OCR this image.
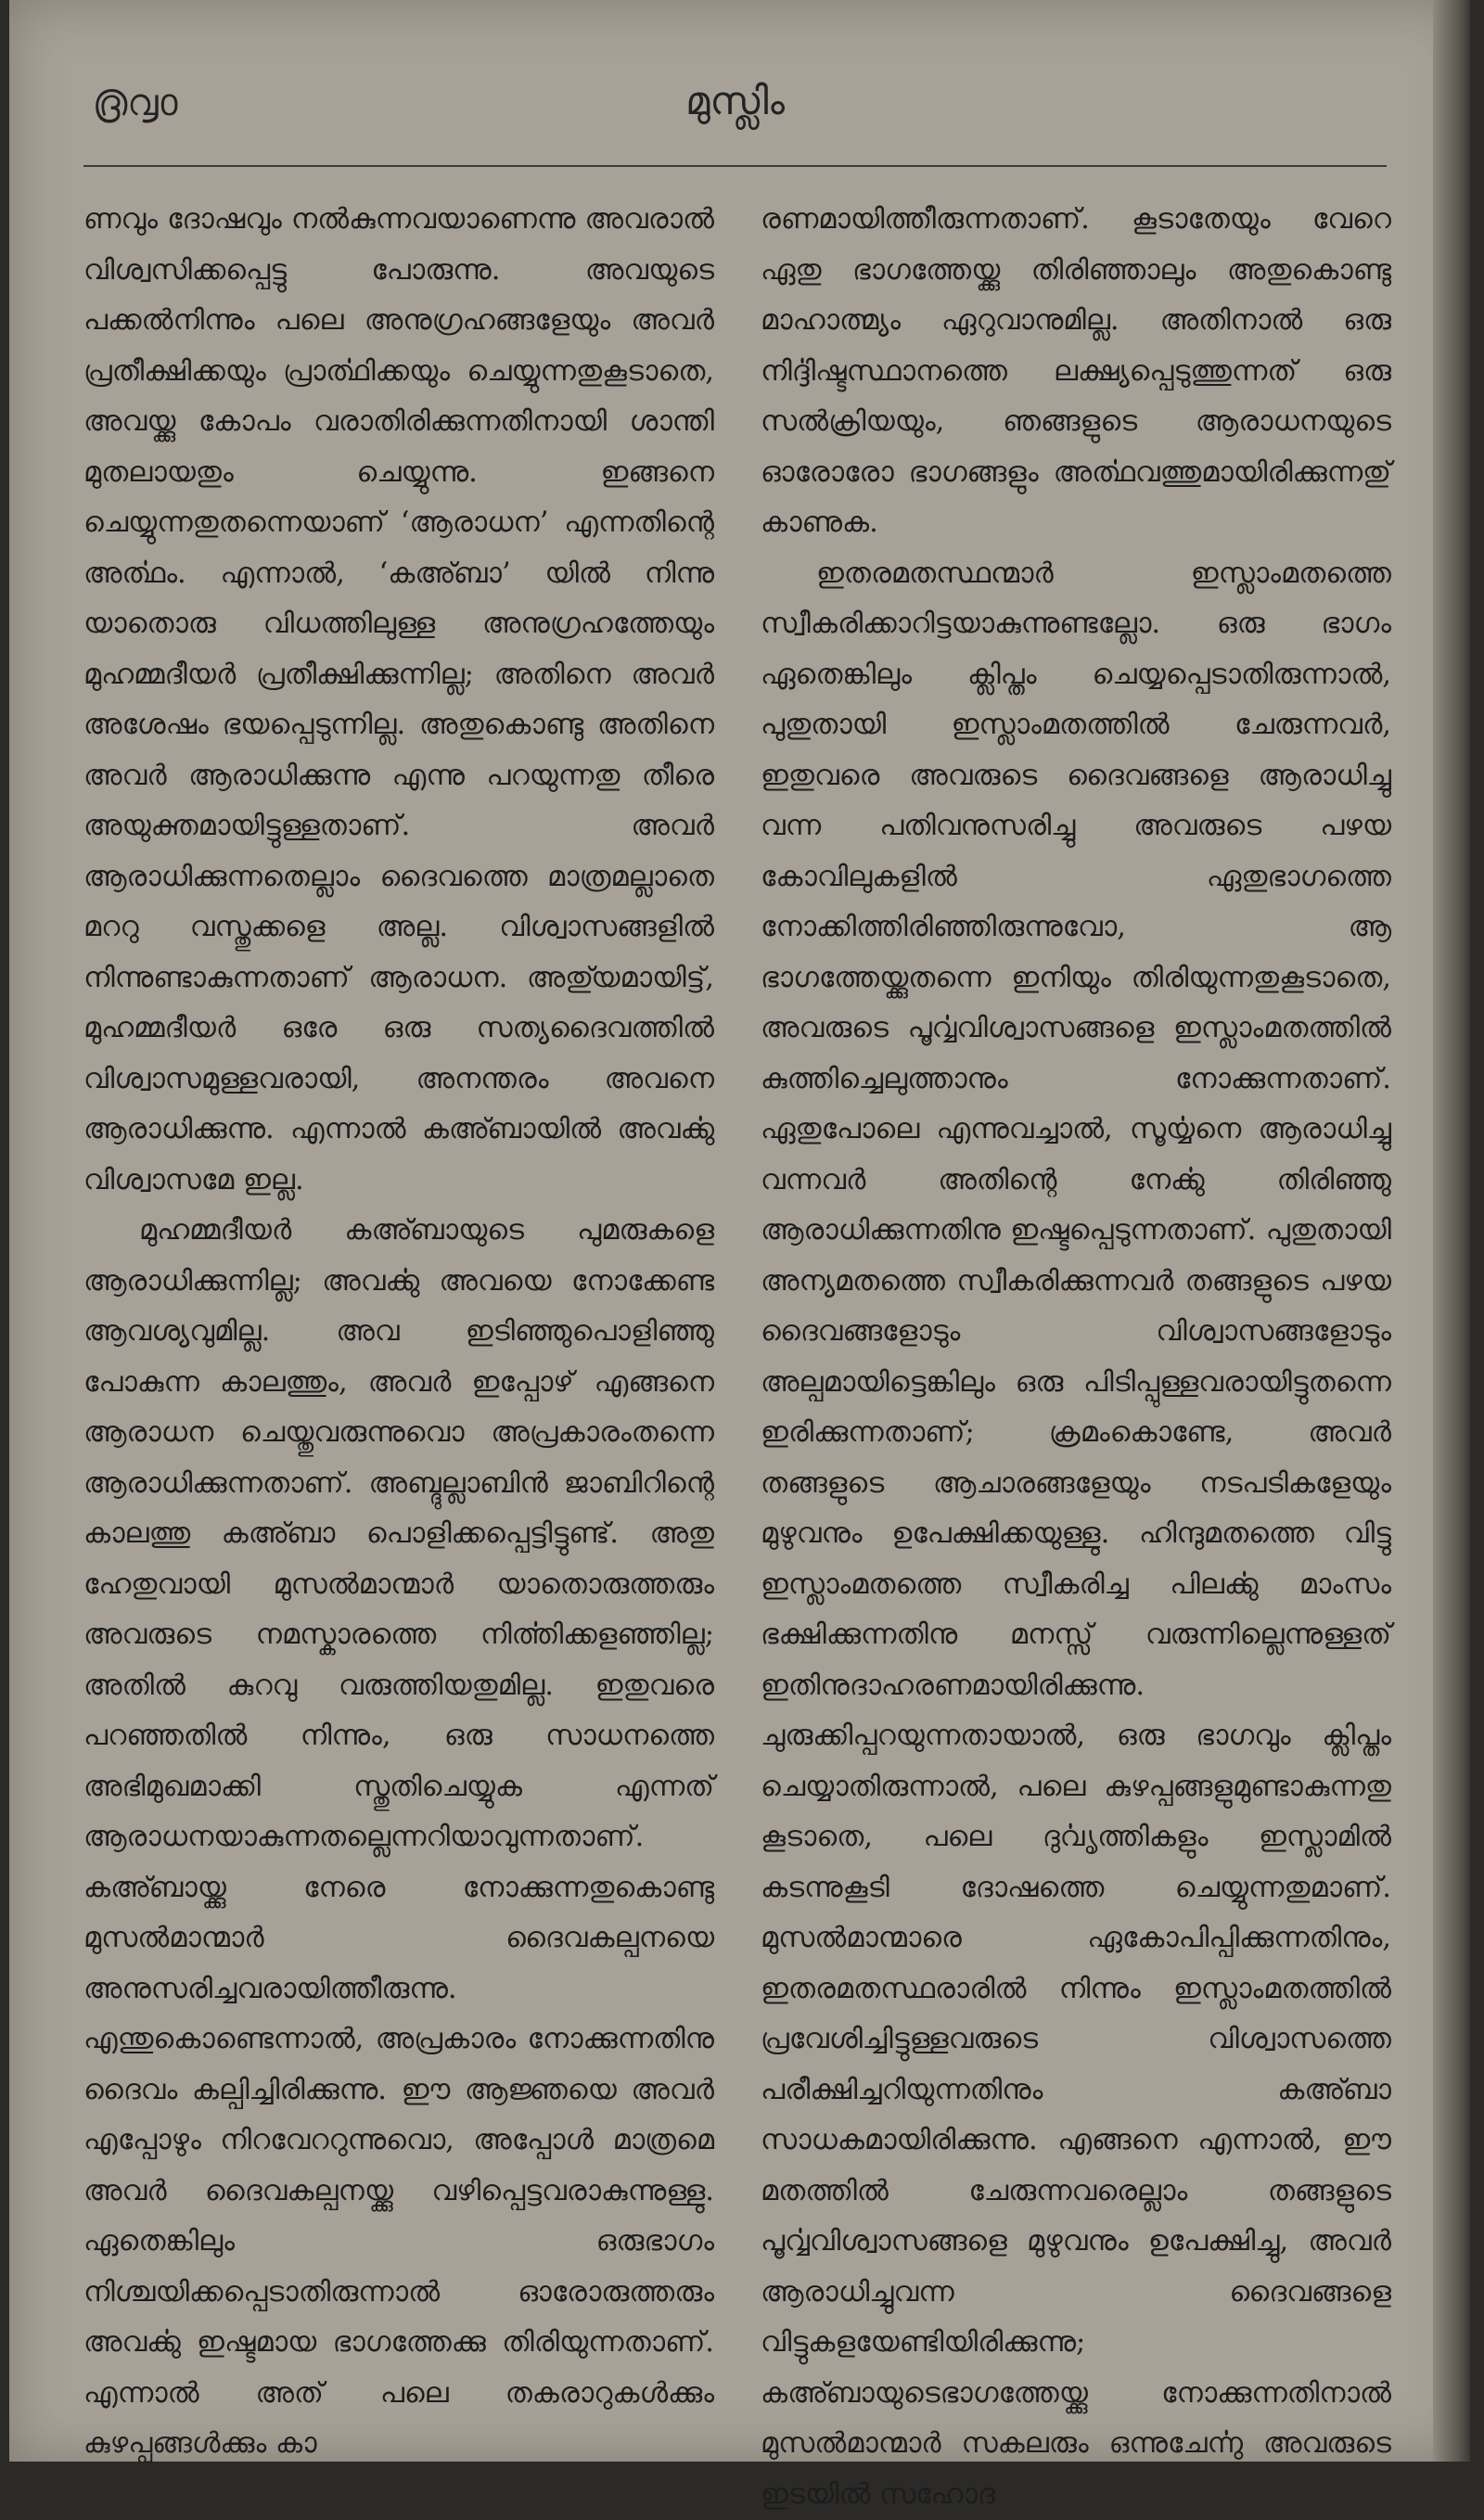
൫൮൦	മുസ്ലിം

ണവും ദോഷവും നൽകുന്നവയാണെന്നു അവരാൽ വിശ്വസിക്കപ്പെട്ടു പോരുന്നു. അവയുടെ പക്കൽനിന്നും പലെ അനുഗ്രഹങ്ങളേയും അവർ പ്രതീക്ഷിക്കയും പ്രാൎത്ഥിക്കയും ചെയ്യുന്നതുകൂടാതെ, അവയ്ക്കു കോപം വരാതിരിക്കുന്നതിനായി ശാന്തി മുതലായതും ചെയ്യുന്നു. ഇങ്ങനെ ചെയ്യുന്നതുതന്നെയാണ് ‘ആരാധന’ എന്നതിന്റെ അൎത്ഥം. എന്നാൽ, ‘കഅ്ബാ’ യിൽ നിന്നു യാതൊരു വിധത്തിലുള്ള അനുഗ്രഹത്തേയും മുഹമ്മദീയർ പ്രതീക്ഷിക്കുന്നില്ല; അതിനെ അവർ അശേഷം ഭയപ്പെടുന്നില്ല. അതുകൊണ്ടു അതിനെ അവർ ആരാധിക്കുന്നു എന്നു പറയുന്നതു തീരെ അയുക്തമായിട്ടുള്ളതാണ്. അവർ ആരാധിക്കുന്നതെല്ലാം ദൈവത്തെ മാത്രമല്ലാതെ മററു വസ്തുക്കളെ അല്ല. വിശ്വാസങ്ങളിൽ നിന്നുണ്ടാകുന്നതാണ് ആരാധന. അതു്യമായിട്ട്, മുഹമ്മദീയർ ഒരേ ഒരു സത്യദൈവത്തിൽ വിശ്വാസമുള്ളവരായി, അനന്തരം അവനെ ആരാധിക്കുന്നു. എന്നാൽ കഅ്ബായിൽ അവൎക്കു വിശ്വാസമേ ഇല്ല.

മുഹമ്മദീയർ കഅ്ബായുടെ പുമരുകളെ ആരാധിക്കുന്നില്ല; അവൎക്കു അവയെ നോക്കേണ്ട ആവശ്യവുമില്ല. അവ ഇടിഞ്ഞുപൊളിഞ്ഞു പോകുന്ന കാലത്തും, അവർ ഇപ്പോഴ് എങ്ങനെ ആരാധന ചെയ്തുവരുന്നുവൊ അപ്രകാരംതന്നെ ആരാധിക്കുന്നതാണ്. അബ്ദുല്ലാബിൻ ജാബിറിന്റെ കാലത്തു കഅ്ബാ പൊളിക്കപ്പെട്ടിട്ടുണ്ട്. അതു ഹേതുവായി മുസൽമാന്മാർ യാതൊരുത്തരും അവരുടെ നമസ്കാരത്തെ നിൎത്തിക്കളഞ്ഞില്ല; അതിൽ കുറവു വരുത്തിയതുമില്ല. ഇതുവരെ പറഞ്ഞതിൽ നിന്നും, ഒരു സാധനത്തെ അഭിമുഖമാക്കി സ്തുതിചെയ്യുക എന്നത് ആരാധനയാകുന്നതല്ലെന്നറിയാവുന്നതാണ്. കഅ്ബായ്ക്കു നേരെ നോക്കുന്നതുകൊണ്ടു മുസൽമാന്മാർ ദൈവകല്പനയെ അനുസരിച്ചവരായിത്തീരുന്നു. എന്തുകൊണ്ടെന്നാൽ, അപ്രകാരം നോക്കുന്നതിനു ദൈവം കല്പിച്ചിരിക്കുന്നു. ഈ ആജ്ഞയെ അവർ എപ്പോഴും നിറവേററുന്നുവൊ, അപ്പോൾ മാത്രമെ അവർ ദൈവകല്പനയ്ക്കു വഴിപ്പെട്ടവരാകുന്നുള്ളു. ഏതെങ്കിലും ഒരുഭാഗം നിശ്ചയിക്കപ്പെടാതിരുന്നാൽ ഓരോരുത്തരും അവൎക്കു ഇഷ്ടമായ ഭാഗത്തേക്കു തിരിയുന്നതാണ്. എന്നാൽ അത് പലെ തകരാറുകൾക്കും കുഴപ്പങ്ങൾക്കും കാ

രണമായിത്തീരുന്നതാണ്. കൂടാതേയും വേറെ ഏതു ഭാഗത്തേയ്ക്കു തിരിഞ്ഞാലും അതുകൊണ്ടു മാഹാത്മ്യം ഏറുവാനുമില്ല. അതിനാൽ ഒരു നിൎദ്ദിഷ്ടസ്ഥാനത്തെ ലക്ഷ്യപ്പെടുത്തുന്നത് ഒരു സൽക്രിയയും, ഞങ്ങളുടെ ആരാധനയുടെ ഓരോരോ ഭാഗങ്ങളും അൎത്ഥവത്തുമായിരിക്കുന്നതു് കാണുക.

ഇതരമതസ്ഥന്മാർ ഇസ്ലാംമതത്തെ സ്വീകരിക്കാറിട്ടയാകുന്നുണ്ടല്ലോ. ഒരു ഭാഗം ഏതെങ്കിലും ക്ലിപ്തം ചെയ്യപ്പെടാതിരുന്നാൽ, പുതുതായി ഇസ്ലാംമതത്തിൽ ചേരുന്നവർ, ഇതുവരെ അവരുടെ ദൈവങ്ങളെ ആരാധിച്ചു വന്ന പതിവനുസരിച്ചു അവരുടെ പഴയ കോവിലുകളിൽ ഏതുഭാഗത്തെ നോക്കിത്തിരിഞ്ഞിരുന്നുവോ, ആ ഭാഗത്തേയ്ക്കുതന്നെ ഇനിയും തിരിയുന്നതുകൂടാതെ, അവരുടെ പൂൎവ്വവിശ്വാസങ്ങളെ ഇസ്ലാംമതത്തിൽ കുത്തിച്ചെലുത്താനും നോക്കുന്നതാണ്. ഏതുപോലെ എന്നുവച്ചാൽ, സൂൎയ്യനെ ആരാധിച്ചു വന്നവർ അതിന്റെ നേൎക്കു തിരിഞ്ഞു ആരാധിക്കുന്നതിനു ഇഷ്ടപ്പെടുന്നതാണ്. പുതുതായി അന്യമതത്തെ സ്വീകരിക്കുന്നവർ തങ്ങളുടെ പഴയ ദൈവങ്ങളോടും വിശ്വാസങ്ങളോടും അല്പമായിട്ടെങ്കിലും ഒരു പിടിപ്പുള്ളവരായിട്ടുതന്നെ ഇരിക്കുന്നതാണ്; ക്രമംകൊണ്ടേ, അവർ തങ്ങളുടെ ആചാരങ്ങളേയും നടപടികളേയും മുഴുവനും ഉപേക്ഷിക്കയുള്ളു. ഹിന്ദുമതത്തെ വിട്ടു ഇസ്ലാംമതത്തെ സ്വീകരിച്ച പിലൎക്കു മാംസം ഭക്ഷിക്കുന്നതിനു മനസ്സ് വരുന്നില്ലെന്നുള്ളത് ഇതിനുദാഹരണമായിരിക്കുന്നു. ചുരുക്കിപ്പറയുന്നതായാൽ, ഒരു ഭാഗവും ക്ലിപ്തം ചെയ്യാതിരുന്നാൽ, പലെ കുഴപ്പങ്ങളുമുണ്ടാകുന്നതു കൂടാതെ, പലെ ദുൎവൃത്തികളും ഇസ്ലാമിൽ കടന്നുകൂടി ദോഷത്തെ ചെയ്യുന്നതുമാണ്. മുസൽമാന്മാരെ ഏകോപിപ്പിക്കുന്നതിനും, ഇതരമതസ്ഥരാരിൽ നിന്നും ഇസ്ലാംമതത്തിൽ പ്രവേശിച്ചിട്ടുള്ളവരുടെ വിശ്വാസത്തെ പരീക്ഷിച്ചറിയുന്നതിനും കഅ്ബാ സാധകമായിരിക്കുന്നു. എങ്ങനെ എന്നാൽ, ഈ മതത്തിൽ ചേരുന്നവരെല്ലാം തങ്ങളുടെ പൂൎവ്വവിശ്വാസങ്ങളെ മുഴുവനും ഉപേക്ഷിച്ചു, അവർ ആരാധിച്ചുവന്ന ദൈവങ്ങളെ വിട്ടുകളയേണ്ടിയിരിക്കുന്നു; കഅ്ബായുടെഭാഗത്തേയ്ക്കു നോക്കുന്നതിനാൽ മുസൽമാന്മാർ സകലരും ഒന്നുചേൎന്നു അവരുടെ ഇടയിൽ സഹോദ
